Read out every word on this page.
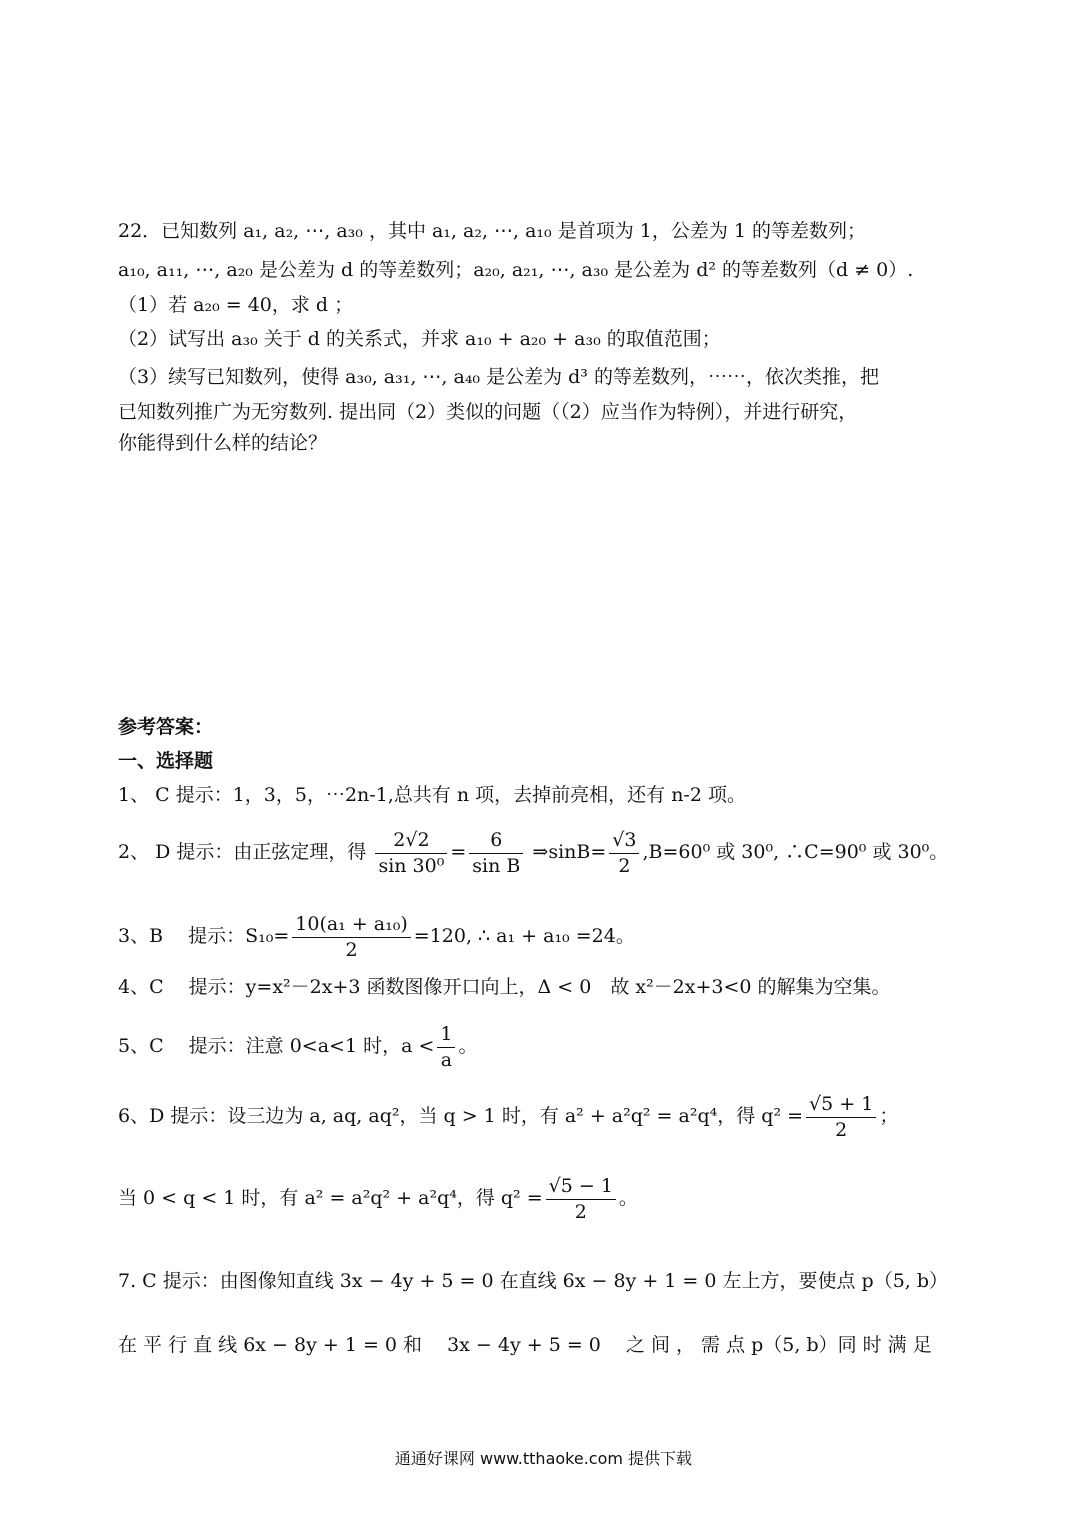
22．已知数列 a₁, a₂, ⋯, a₃₀ ，其中 a₁, a₂, ⋯, a₁₀ 是首项为 1，公差为 1 的等差数列；
a₁₀, a₁₁, ⋯, a₂₀ 是公差为 d 的等差数列；a₂₀, a₂₁, ⋯, a₃₀ 是公差为 d² 的等差数列（d ≠ 0）.
（1）若 a₂₀ = 40，求 d ；
（2）试写出 a₃₀ 关于 d 的关系式，并求 a₁₀ + a₂₀ + a₃₀ 的取值范围；
（3）续写已知数列，使得 a₃₀, a₃₁, ⋯, a₄₀ 是公差为 d³ 的等差数列，⋯⋯，依次类推，把
已知数列推广为无穷数列. 提出同（2）类似的问题（（2）应当作为特例），并进行研究，
你能得到什么样的结论？
参考答案：
一、选择题
1、 C 提示：1，3，5，⋯2n-1,总共有 n 项，去掉前亮相，还有 n-2 项。
2、 D 提示：由正弦定理，得 $\frac{2√2}{\text{sin 30⁰}} = \frac{6}{\text{sin B}}$ ⇒sinB= $\frac{√3}{2} ,B=60^0$ 或 30⁰, ∴C=90⁰ 或 30⁰。
3、B　 提示：$S_{10}= \frac{\text{10(a₁ + a₁₀)}}{2} =120$, ∴ a₁ + a₁₀ =24。
4、C　 提示：y=x²－2x+3 函数图像开口向上，Δ < 0　故 x²－2x+3<0 的解集为空集。
5、C　 提示：注意 0<a<1 时，$a < \frac{1}{a}$ 。
6、D 提示：设三边为 a, aq, aq²，当 q > 1 时，有 a² + a²q² = a²q⁴，得 $q^2 = \frac{√5 + 1}{2}$ ；
当 0 < q < 1 时，有 a² = a²q² + a²q⁴，得 $q^2 = \frac{√5 - 1}{2}$ 。
7. C 提示：由图像知直线 3x − 4y + 5 = 0 在直线 6x − 8y + 1 = 0 左上方，要使点 p（5, b）
在 平 行 直 线 6x − 8y + 1 = 0 和　 3x − 4y + 5 = 0　 之 间 ， 需 点 p（5, b）同 时 满 足
通通好课网 www.tthaoke.com 提供下载
